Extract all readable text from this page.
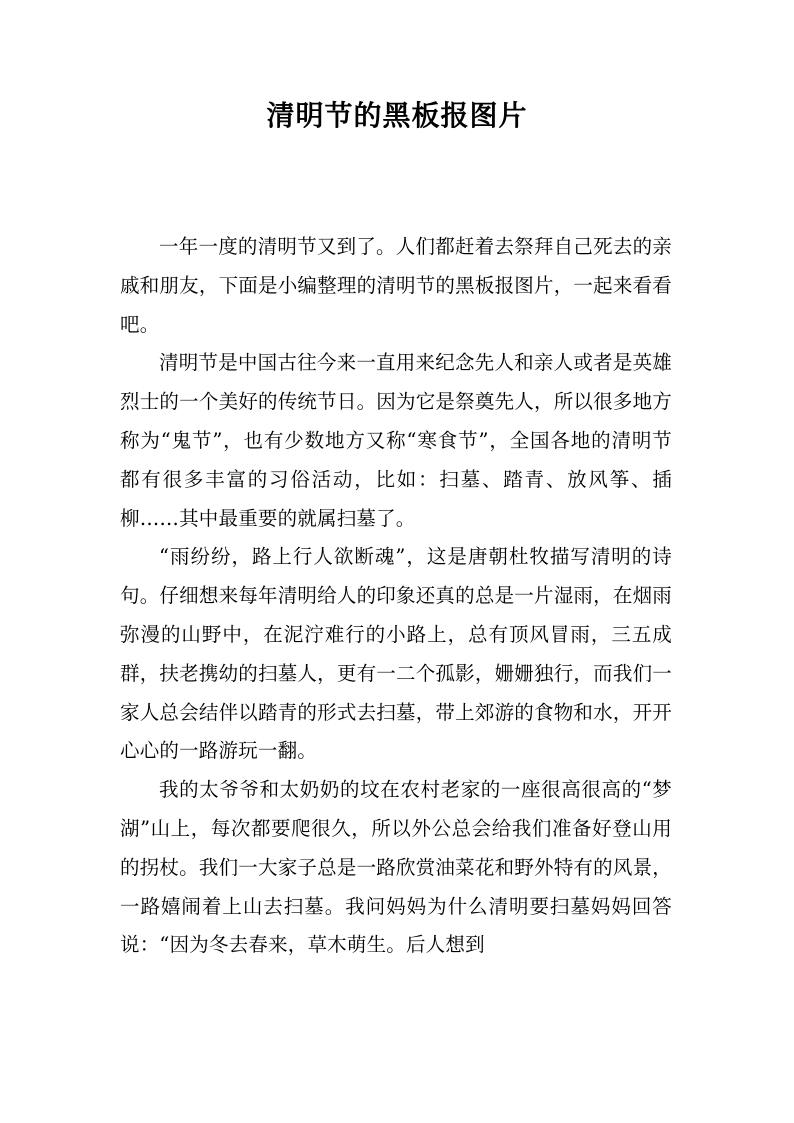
清明节的黑板报图片

一年一度的清明节又到了。人们都赶着去祭拜自己死去的亲戚和朋友，下面是小编整理的清明节的黑板报图片，一起来看看吧。

清明节是中国古往今来一直用来纪念先人和亲人或者是英雄烈士的一个美好的传统节日。因为它是祭奠先人，所以很多地方称为“鬼节”，也有少数地方又称“寒食节”，全国各地的清明节都有很多丰富的习俗活动，比如：扫墓、踏青、放风筝、插柳……其中最重要的就属扫墓了。

“雨纷纷，路上行人欲断魂”，这是唐朝杜牧描写清明的诗句。仔细想来每年清明给人的印象还真的总是一片湿雨，在烟雨弥漫的山野中，在泥泞难行的小路上，总有顶风冒雨，三五成群，扶老携幼的扫墓人，更有一二个孤影，姗姗独行，而我们一家人总会结伴以踏青的形式去扫墓，带上郊游的食物和水，开开心心的一路游玩一翻。

我的太爷爷和太奶奶的坟在农村老家的一座很高很高的“梦湖”山上，每次都要爬很久，所以外公总会给我们准备好登山用的拐杖。我们一大家子总是一路欣赏油菜花和野外特有的风景，一路嬉闹着上山去扫墓。我问妈妈为什么清明要扫墓妈妈回答说：“因为冬去春来，草木萌生。后人想到
